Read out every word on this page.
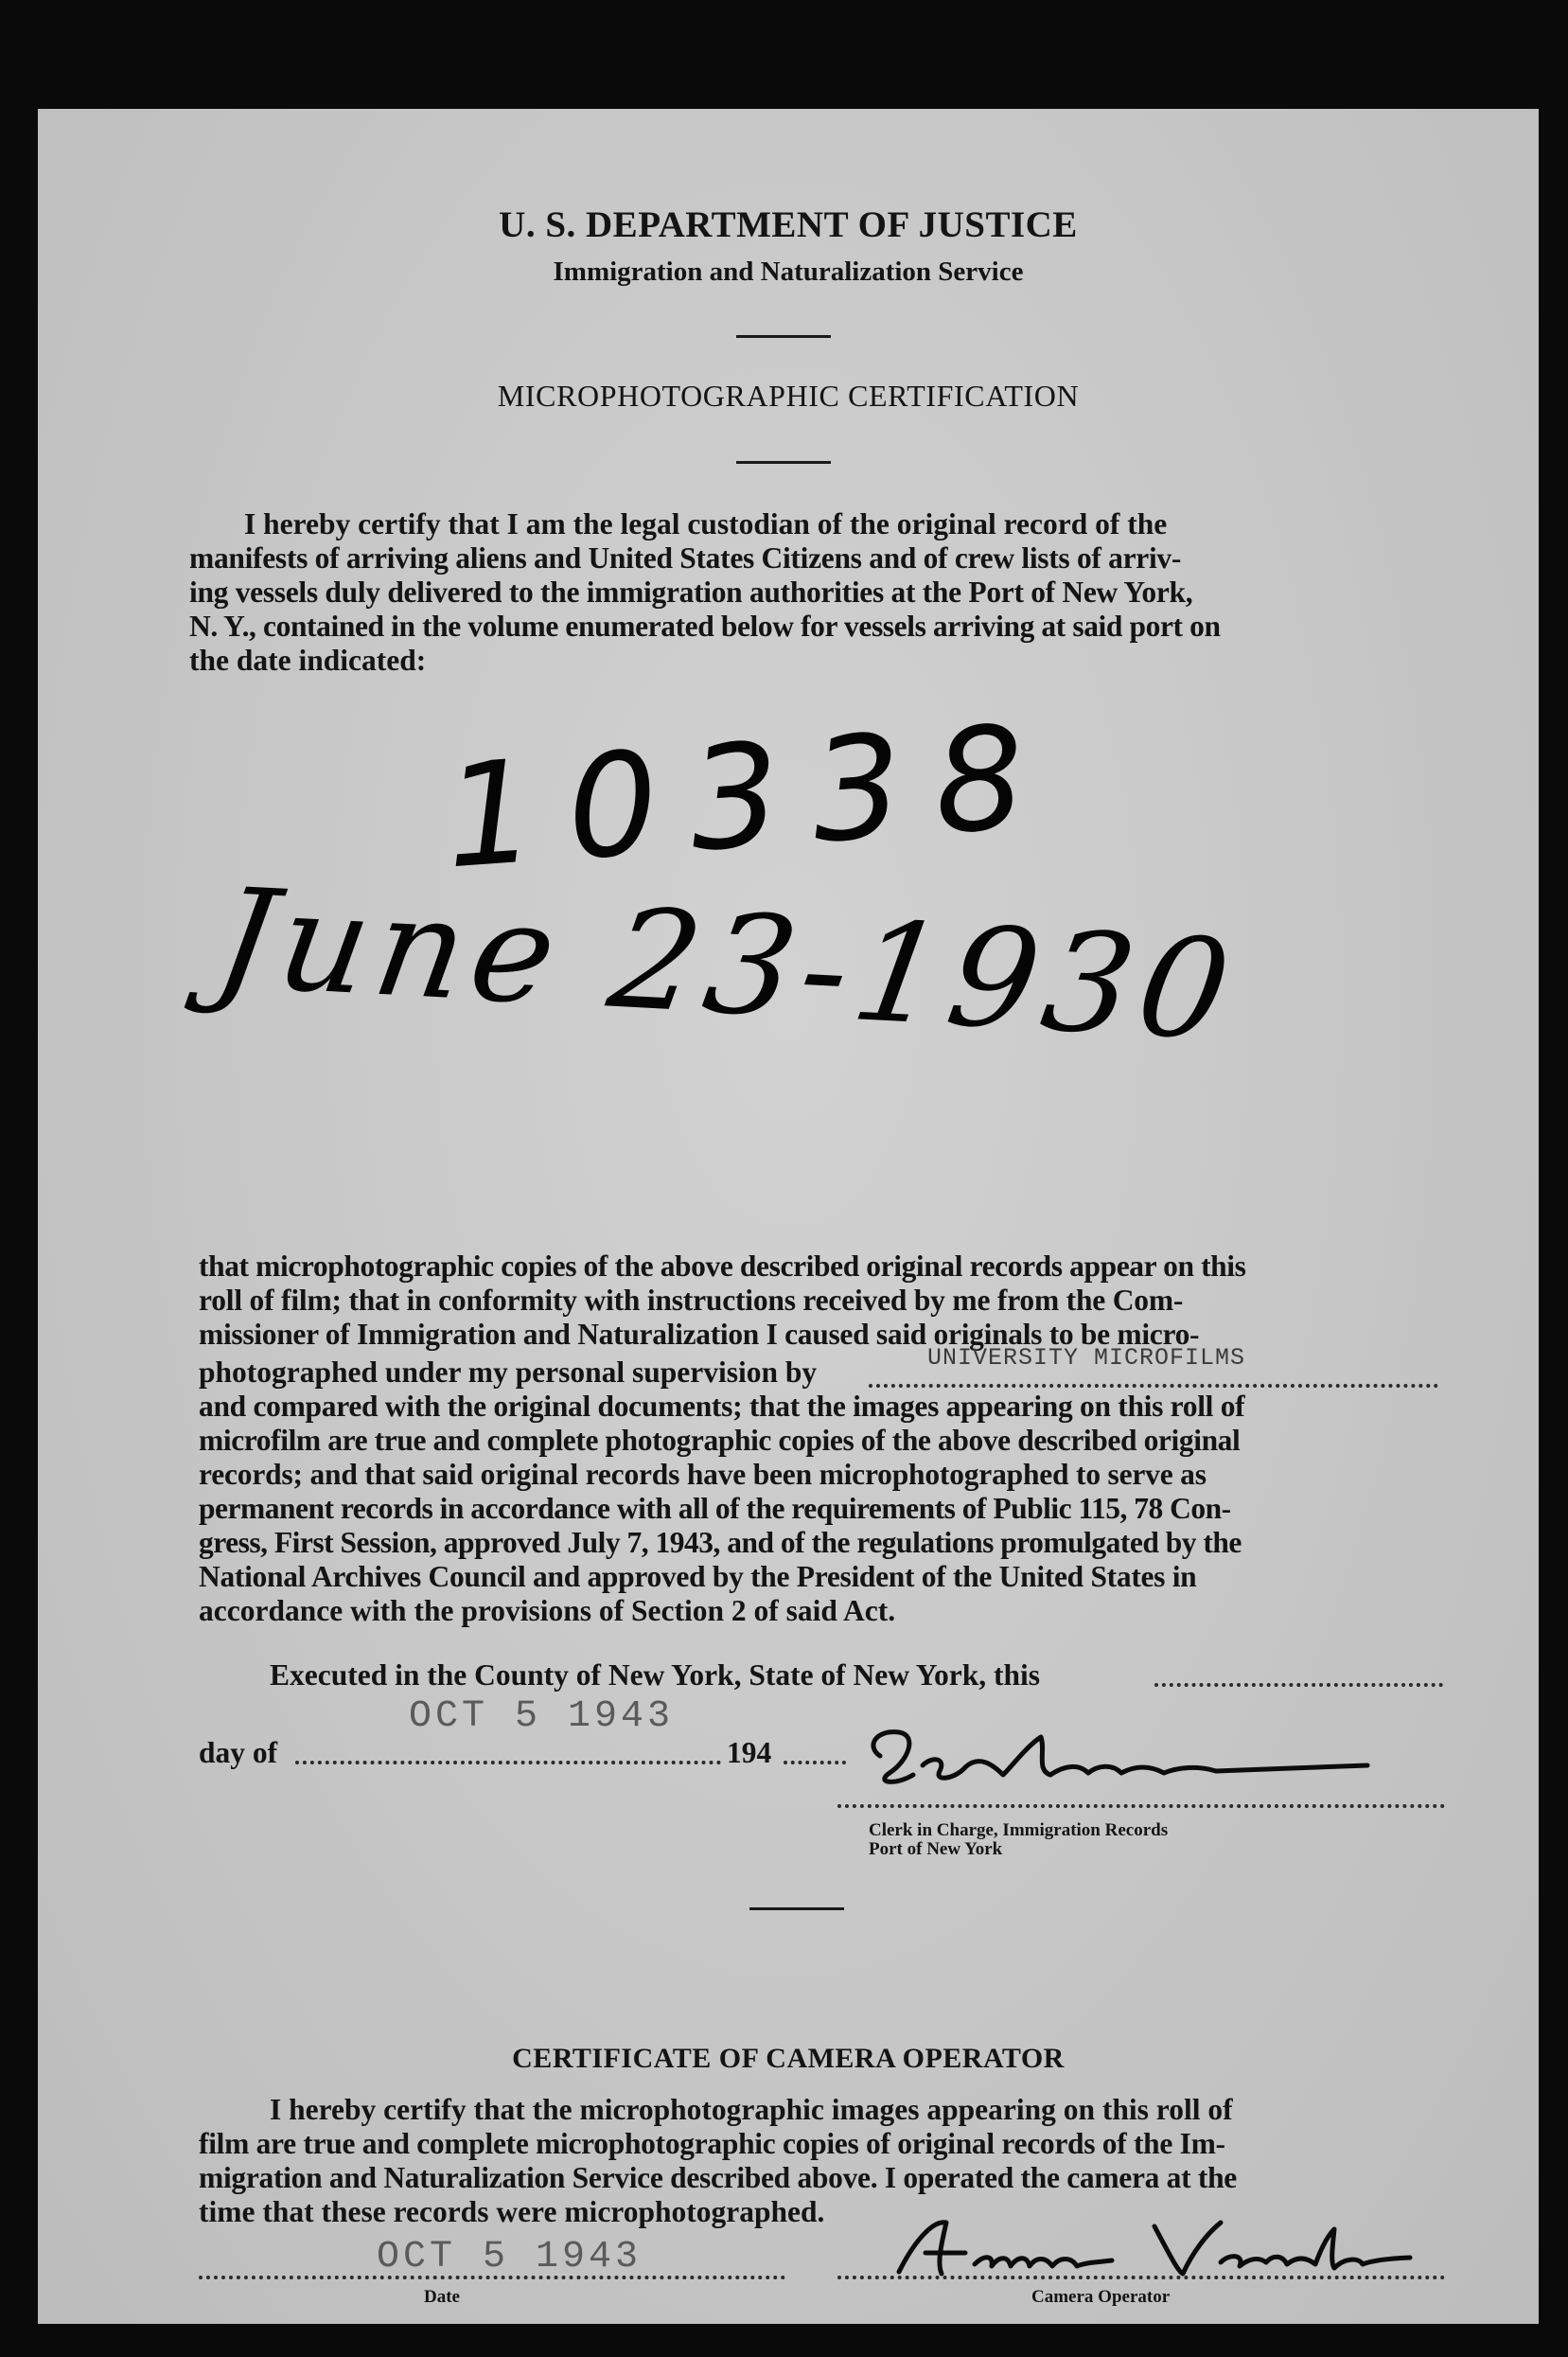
U. S. DEPARTMENT OF JUSTICE
Immigration and Naturalization Service
MICROPHOTOGRAPHIC CERTIFICATION
I hereby certify that I am the legal custodian of the original record of the
manifests of arriving aliens and United States Citizens and of crew lists of arriv-
ing vessels duly delivered to the immigration authorities at the Port of New York,
N. Y., contained in the volume enumerated below for vessels arriving at said port on
the date indicated:
10338
June 23-1930
that microphotographic copies of the above described original records appear on this
roll of film; that in conformity with instructions received by me from the Com-
missioner of Immigration and Naturalization I caused said originals to be micro-
photographed under my personal supervision by	UNIVERSITY MICROFILMS
and compared with the original documents; that the images appearing on this roll of
microfilm are true and complete photographic copies of the above described original
records; and that said original records have been microphotographed to serve as
permanent records in accordance with all of the requirements of Public 115, 78 Con-
gress, First Session, approved July 7, 1943, and of the regulations promulgated by the
National Archives Council and approved by the President of the United States in
accordance with the provisions of Section 2 of said Act.
Executed in the County of New York, State of New York, this
day of
OCT 5 1943
194
Clerk in Charge, Immigration Records
Port of New York
CERTIFICATE OF CAMERA OPERATOR
I hereby certify that the microphotographic images appearing on this roll of
film are true and complete microphotographic copies of original records of the Im-
migration and Naturalization Service described above. I operated the camera at the
time that these records were microphotographed.
OCT 5 1943
Date	Camera Operator
